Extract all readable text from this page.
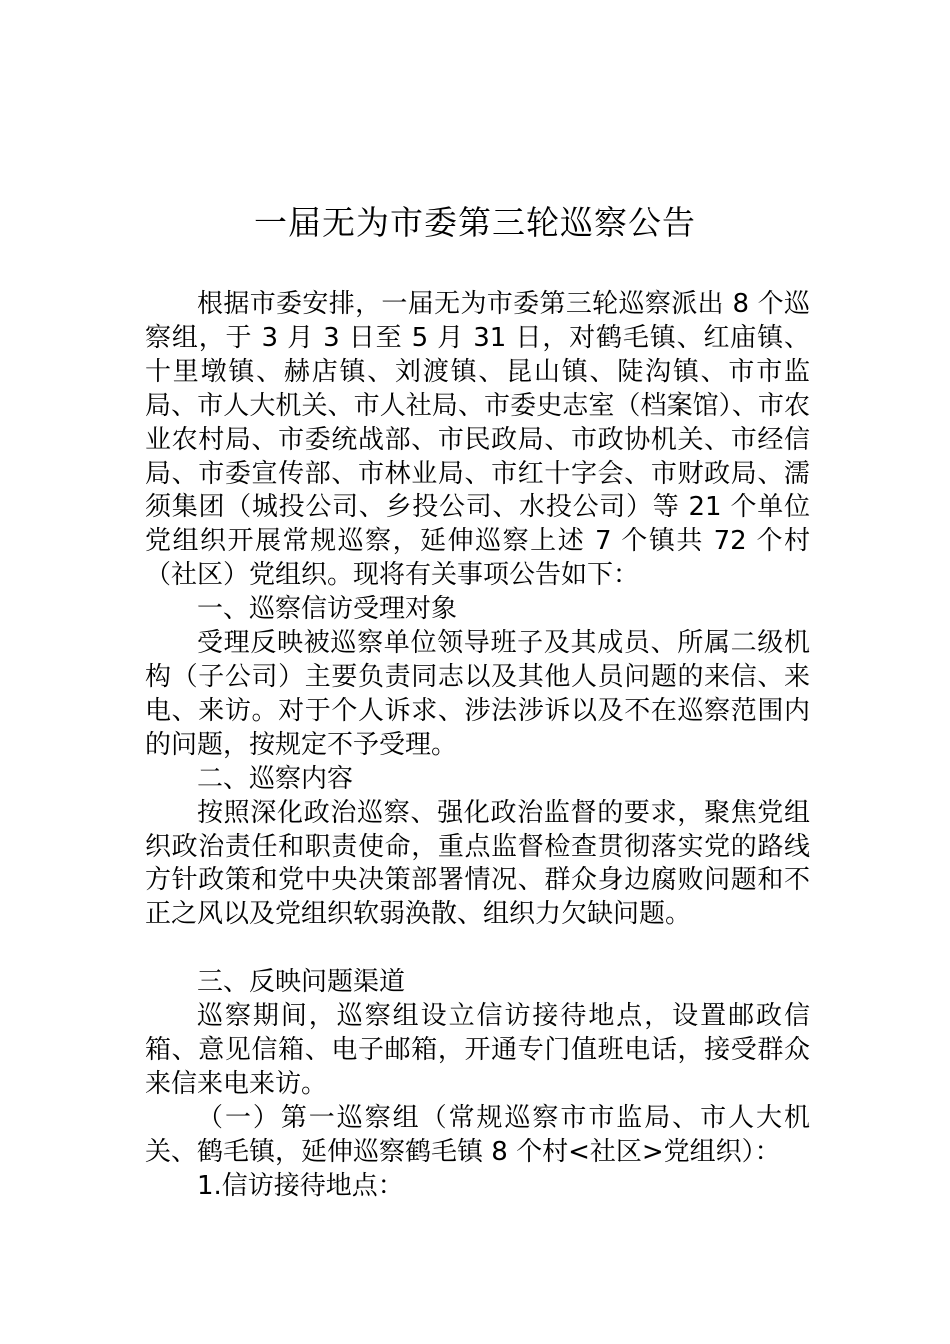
一届无为市委第三轮巡察公告

根据市委安排，一届无为市委第三轮巡察派出 8 个巡察组，于 3 月 3 日至 5 月 31 日，对鹤毛镇、红庙镇、十里墩镇、赫店镇、刘渡镇、昆山镇、陡沟镇、市市监局、市人大机关、市人社局、市委史志室（档案馆）、市农业农村局、市委统战部、市民政局、市政协机关、市经信局、市委宣传部、市林业局、市红十字会、市财政局、濡须集团（城投公司、乡投公司、水投公司）等 21 个单位党组织开展常规巡察，延伸巡察上述 7 个镇共 72 个村（社区）党组织。现将有关事项公告如下：

一、巡察信访受理对象

受理反映被巡察单位领导班子及其成员、所属二级机构（子公司）主要负责同志以及其他人员问题的来信、来电、来访。对于个人诉求、涉法涉诉以及不在巡察范围内的问题，按规定不予受理。

二、巡察内容

按照深化政治巡察、强化政治监督的要求，聚焦党组织政治责任和职责使命，重点监督检查贯彻落实党的路线方针政策和党中央决策部署情况、群众身边腐败问题和不正之风以及党组织软弱涣散、组织力欠缺问题。

三、反映问题渠道

巡察期间，巡察组设立信访接待地点，设置邮政信箱、意见信箱、电子邮箱，开通专门值班电话，接受群众来信来电来访。

（一）第一巡察组（常规巡察市市监局、市人大机关、鹤毛镇，延伸巡察鹤毛镇 8 个村<社区>党组织）：

1.信访接待地点：
